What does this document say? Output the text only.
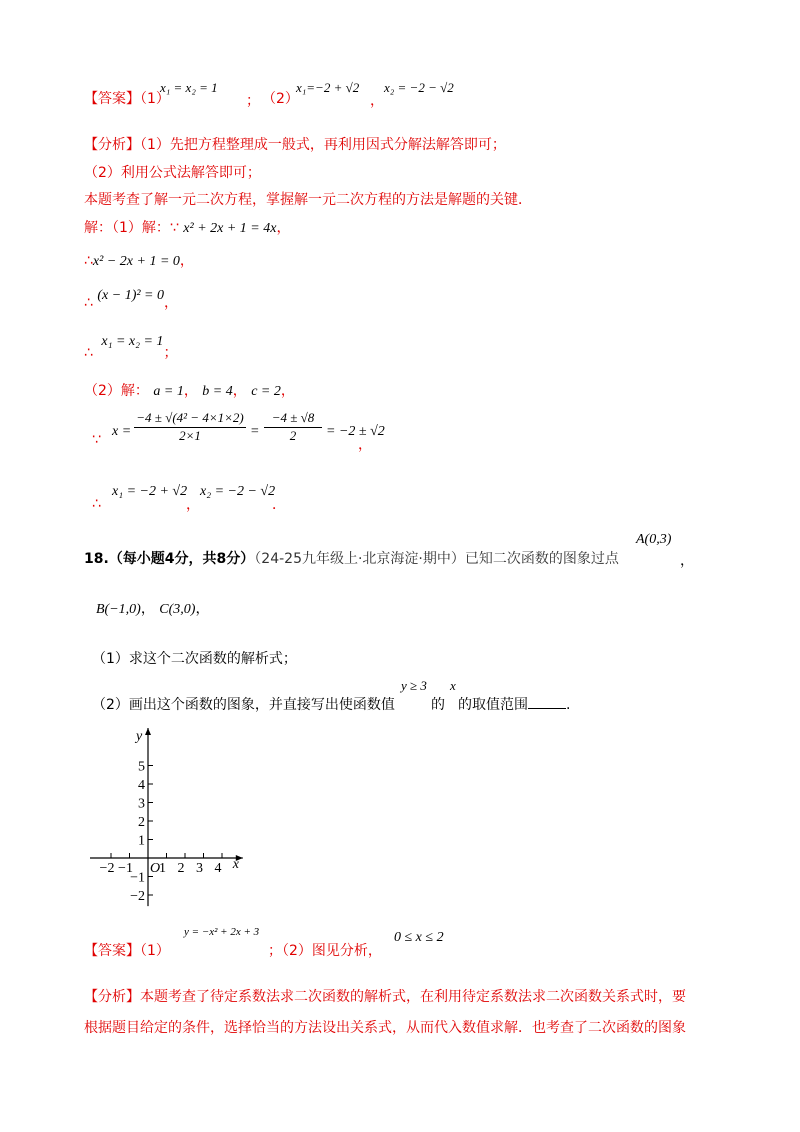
【答案】（1）
x₁ = x₂ = 1
； （2）
x₁=−2 + √2
，
x₂ = −2 − √2
【分析】（1）先把方程整理成一般式，再利用因式分解法解答即可；
（2）利用公式法解答即可；
本题考查了解一元二次方程，掌握解一元二次方程的方法是解题的关键．
解：（1）解：∵ x² + 2x + 1 = 4x，
∴x² − 2x + 1 = 0，
∴ (x − 1)² = 0，
∴ x₁ = x₂ = 1；
（2）解： a = 1， b = 4， c = 2，
∵
$x = \frac{\text{−4 ± √(4² − 4×1×2)}}{2\times 1} = \frac{-4 \pm √8}{2} = -2 \pm √2$
，
∴
x₁ = −2 + √2
，
x₂ = −2 − √2
．
18.（每小题4分，共8分）（24-25九年级上·北京海淀·期中）已知二次函数的图象过点
A(0,3)
，
B(−1,0)， C(3,0)，
（1）求这个二次函数的解析式；
（2）画出这个函数的图象，并直接写出使函数值
y ≥ 3
的
x
的取值范围	.
x
y
O
−2 −1 1 2 3 4
5
4
3
2
1
−1
−2
【答案】（1）
y = −x² + 2x + 3
；（2）图见分析，
0 ≤ x ≤ 2
【分析】本题考查了待定系数法求二次函数的解析式，在利用待定系数法求二次函数关系式时，要
根据题目给定的条件，选择恰当的方法设出关系式，从而代入数值求解．也考查了二次函数的图象
